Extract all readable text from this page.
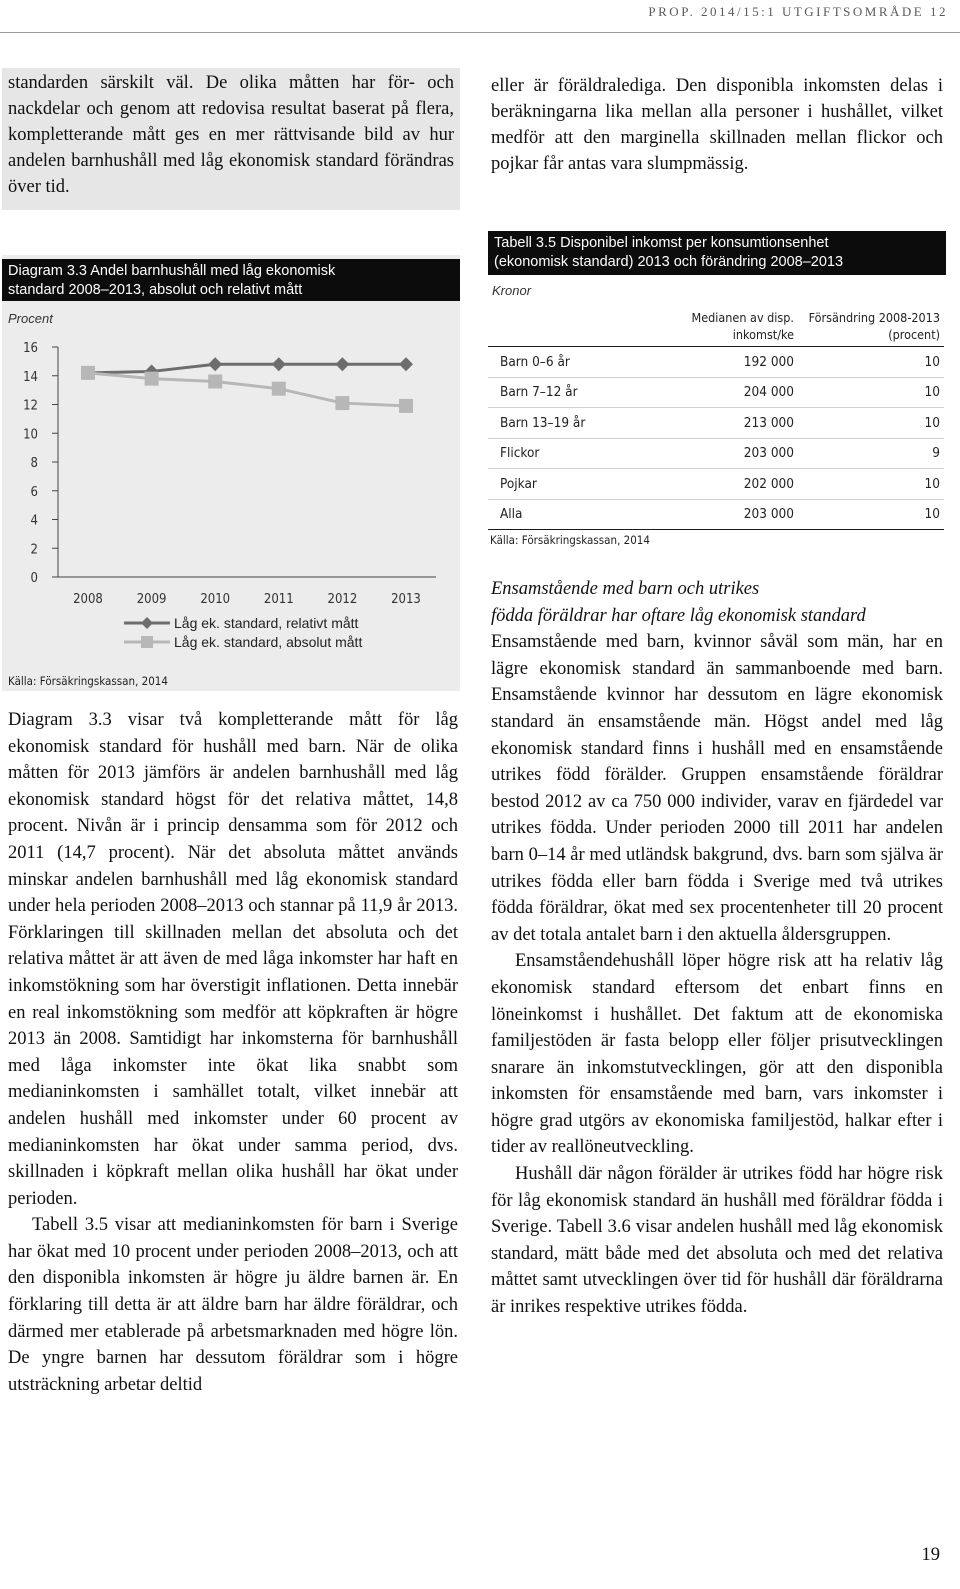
PROP. 2014/15:1 UTGIFTSOMRÅDE 12
standarden särskilt väl. De olika måtten har för- och nackdelar och genom att redovisa resultat baserat på flera, kompletterande mått ges en mer rättvisande bild av hur andelen barnhushåll med låg ekonomisk standard förändras över tid.
Diagram 3.3 Andel barnhushåll med låg ekonomisk
standard 2008–2013, absolut och relativt mått
Procent
0
2
4
6
8
10
12
14
16
2008	2009	2010	2011	2012	2013
Låg ek. standard, relativt mått
Låg ek. standard, absolut mått
Källa: Försäkringskassan, 2014

Diagram 3.3 visar två kompletterande mått för låg ekonomisk standard för hushåll med barn. När de olika måtten för 2013 jämförs är andelen barnhushåll med låg ekonomisk standard högst för det relativa måttet, 14,8 procent. Nivån är i princip densamma som för 2012 och 2011 (14,7 procent). När det absoluta måttet används minskar andelen barnhushåll med låg ekonomisk standard under hela perioden 2008–2013 och stannar på 11,9 år 2013. Förklaringen till skillnaden mellan det absoluta och det relativa måttet är att även de med låga inkomster har haft en inkomstökning som har överstigit inflationen. Detta innebär en real inkomstökning som medför att köpkraften är högre 2013 än 2008. Samtidigt har inkomsterna för barnhushåll med låga inkomster inte ökat lika snabbt som medianinkomsten i samhället totalt, vilket innebär att andelen hushåll med inkomster under 60 procent av medianinkomsten har ökat under samma period, dvs. skillnaden i köpkraft mellan olika hushåll har ökat under perioden.

Tabell 3.5 visar att medianinkomsten för barn i Sverige har ökat med 10 procent under perioden 2008–2013, och att den disponibla inkomsten är högre ju äldre barnen är. En förklaring till detta är att äldre barn har äldre föräldrar, och därmed mer etablerade på arbetsmarknaden med högre lön. De yngre barnen har dessutom föräldrar som i högre utsträckning arbetar deltid

eller är föräldralediga. Den disponibla inkomsten delas i beräkningarna lika mellan alla personer i hushållet, vilket medför att den marginella skillnaden mellan flickor och pojkar får antas vara slumpmässig.

Tabell 3.5 Disponibel inkomst per konsumtionsenhet
(ekonomisk standard) 2013 och förändring 2008–2013
Kronor
Medianen av disp.
inkomst/ke
Försändring 2008-2013
(procent)
Barn 0–6 år	192 000	10
Barn 7–12 år	204 000	10
Barn 13–19 år	213 000	10
Flickor	203 000	9
Pojkar	202 000	10
Alla	203 000	10
Källa: Försäkringskassan, 2014

Ensamstående med barn och utrikes
födda föräldrar har oftare låg ekonomisk standard

Ensamstående med barn, kvinnor såväl som män, har en lägre ekonomisk standard än sammanboende med barn. Ensamstående kvinnor har dessutom en lägre ekonomisk standard än ensamstående män. Högst andel med låg ekonomisk standard finns i hushåll med en ensamstående utrikes född förälder. Gruppen ensamstående föräldrar bestod 2012 av ca 750 000 individer, varav en fjärdedel var utrikes födda. Under perioden 2000 till 2011 har andelen barn 0–14 år med utländsk bakgrund, dvs. barn som själva är utrikes födda eller barn födda i Sverige med två utrikes födda föräldrar, ökat med sex procentenheter till 20 procent av det totala antalet barn i den aktuella åldersgruppen.

Ensamståendehushåll löper högre risk att ha relativ låg ekonomisk standard eftersom det enbart finns en löneinkomst i hushållet. Det faktum att de ekonomiska familjestöden är fasta belopp eller följer prisutvecklingen snarare än inkomstutvecklingen, gör att den disponibla inkomsten för ensamstående med barn, vars inkomster i högre grad utgörs av ekonomiska familjestöd, halkar efter i tider av reallöneutveckling.

Hushåll där någon förälder är utrikes född har högre risk för låg ekonomisk standard än hushåll med föräldrar födda i Sverige. Tabell 3.6 visar andelen hushåll med låg ekonomisk standard, mätt både med det absoluta och med det relativa måttet samt utvecklingen över tid för hushåll där föräldrarna är inrikes respektive utrikes födda.

19
